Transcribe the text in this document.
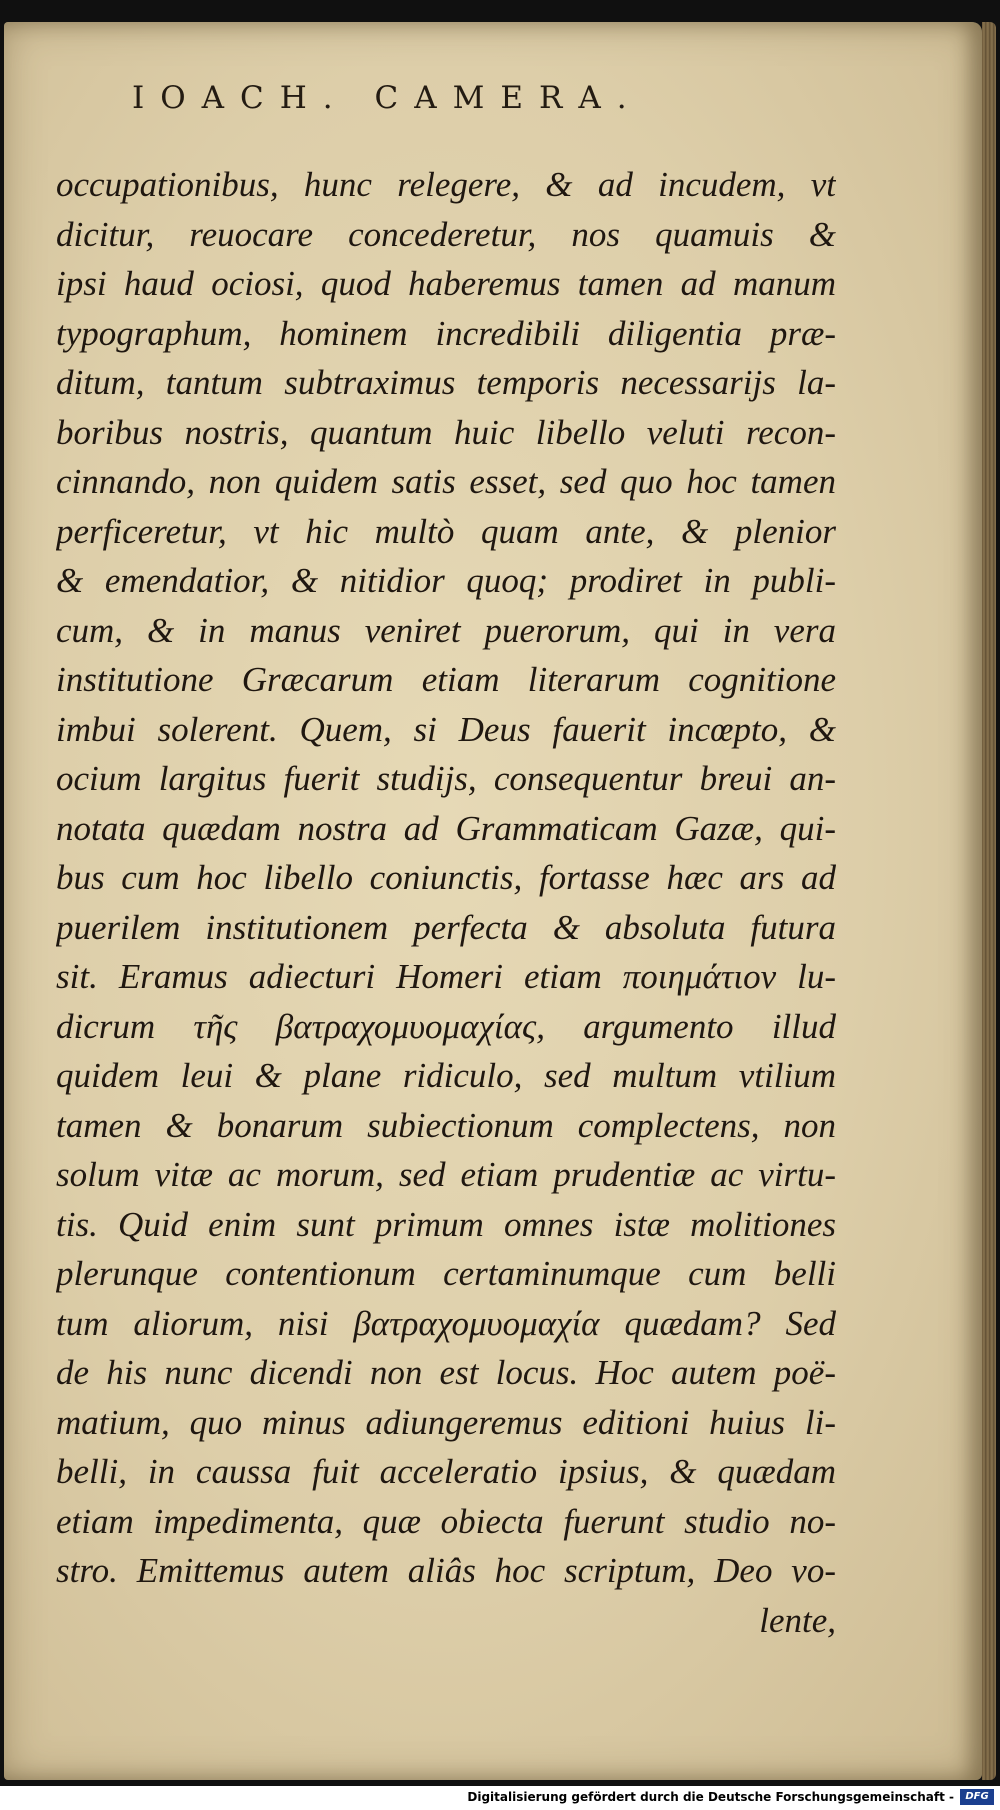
IOACH. CAMERA.
occupationibus, hunc relegere, & ad incudem, vt
dicitur, reuocare concederetur, nos quamuis &
ipsi haud ociosi, quod haberemus tamen ad manum
typographum, hominem incredibili diligentia præ-
ditum, tantum subtraximus temporis necessarijs la-
boribus nostris, quantum huic libello veluti recon-
cinnando, non quidem satis esset, sed quo hoc tamen
perficeretur, vt hic multò quam ante, & plenior
& emendatior, & nitidior quoq; prodiret in publi-
cum, & in manus veniret puerorum, qui in vera
institutione Græcarum etiam literarum cognitione
imbui solerent. Quem, si Deus fauerit incœpto, &
ocium largitus fuerit studijs, consequentur breui an-
notata quædam nostra ad Grammaticam Gazæ, qui-
bus cum hoc libello coniunctis, fortasse hæc ars ad
puerilem institutionem perfecta & absoluta futura
sit. Eramus adiecturi Homeri etiam ποιημάτιον lu-
dicrum τῆς βατραχομυομαχίας, argumento illud
quidem leui & plane ridiculo, sed multum vtilium
tamen & bonarum subiectionum complectens, non
solum vitæ ac morum, sed etiam prudentiæ ac virtu-
tis. Quid enim sunt primum omnes istæ molitiones
plerunque contentionum certaminumque cum belli
tum aliorum, nisi βατραχομυομαχία quædam? Sed
de his nunc dicendi non est locus. Hoc autem poë-
matium, quo minus adiungeremus editioni huius li-
belli, in caussa fuit acceleratio ipsius, & quædam
etiam impedimenta, quæ obiecta fuerunt studio no-
stro. Emittemus autem aliâs hoc scriptum, Deo vo-
lente,
Digitalisierung gefördert durch die Deutsche Forschungsgemeinschaft -	DFG
